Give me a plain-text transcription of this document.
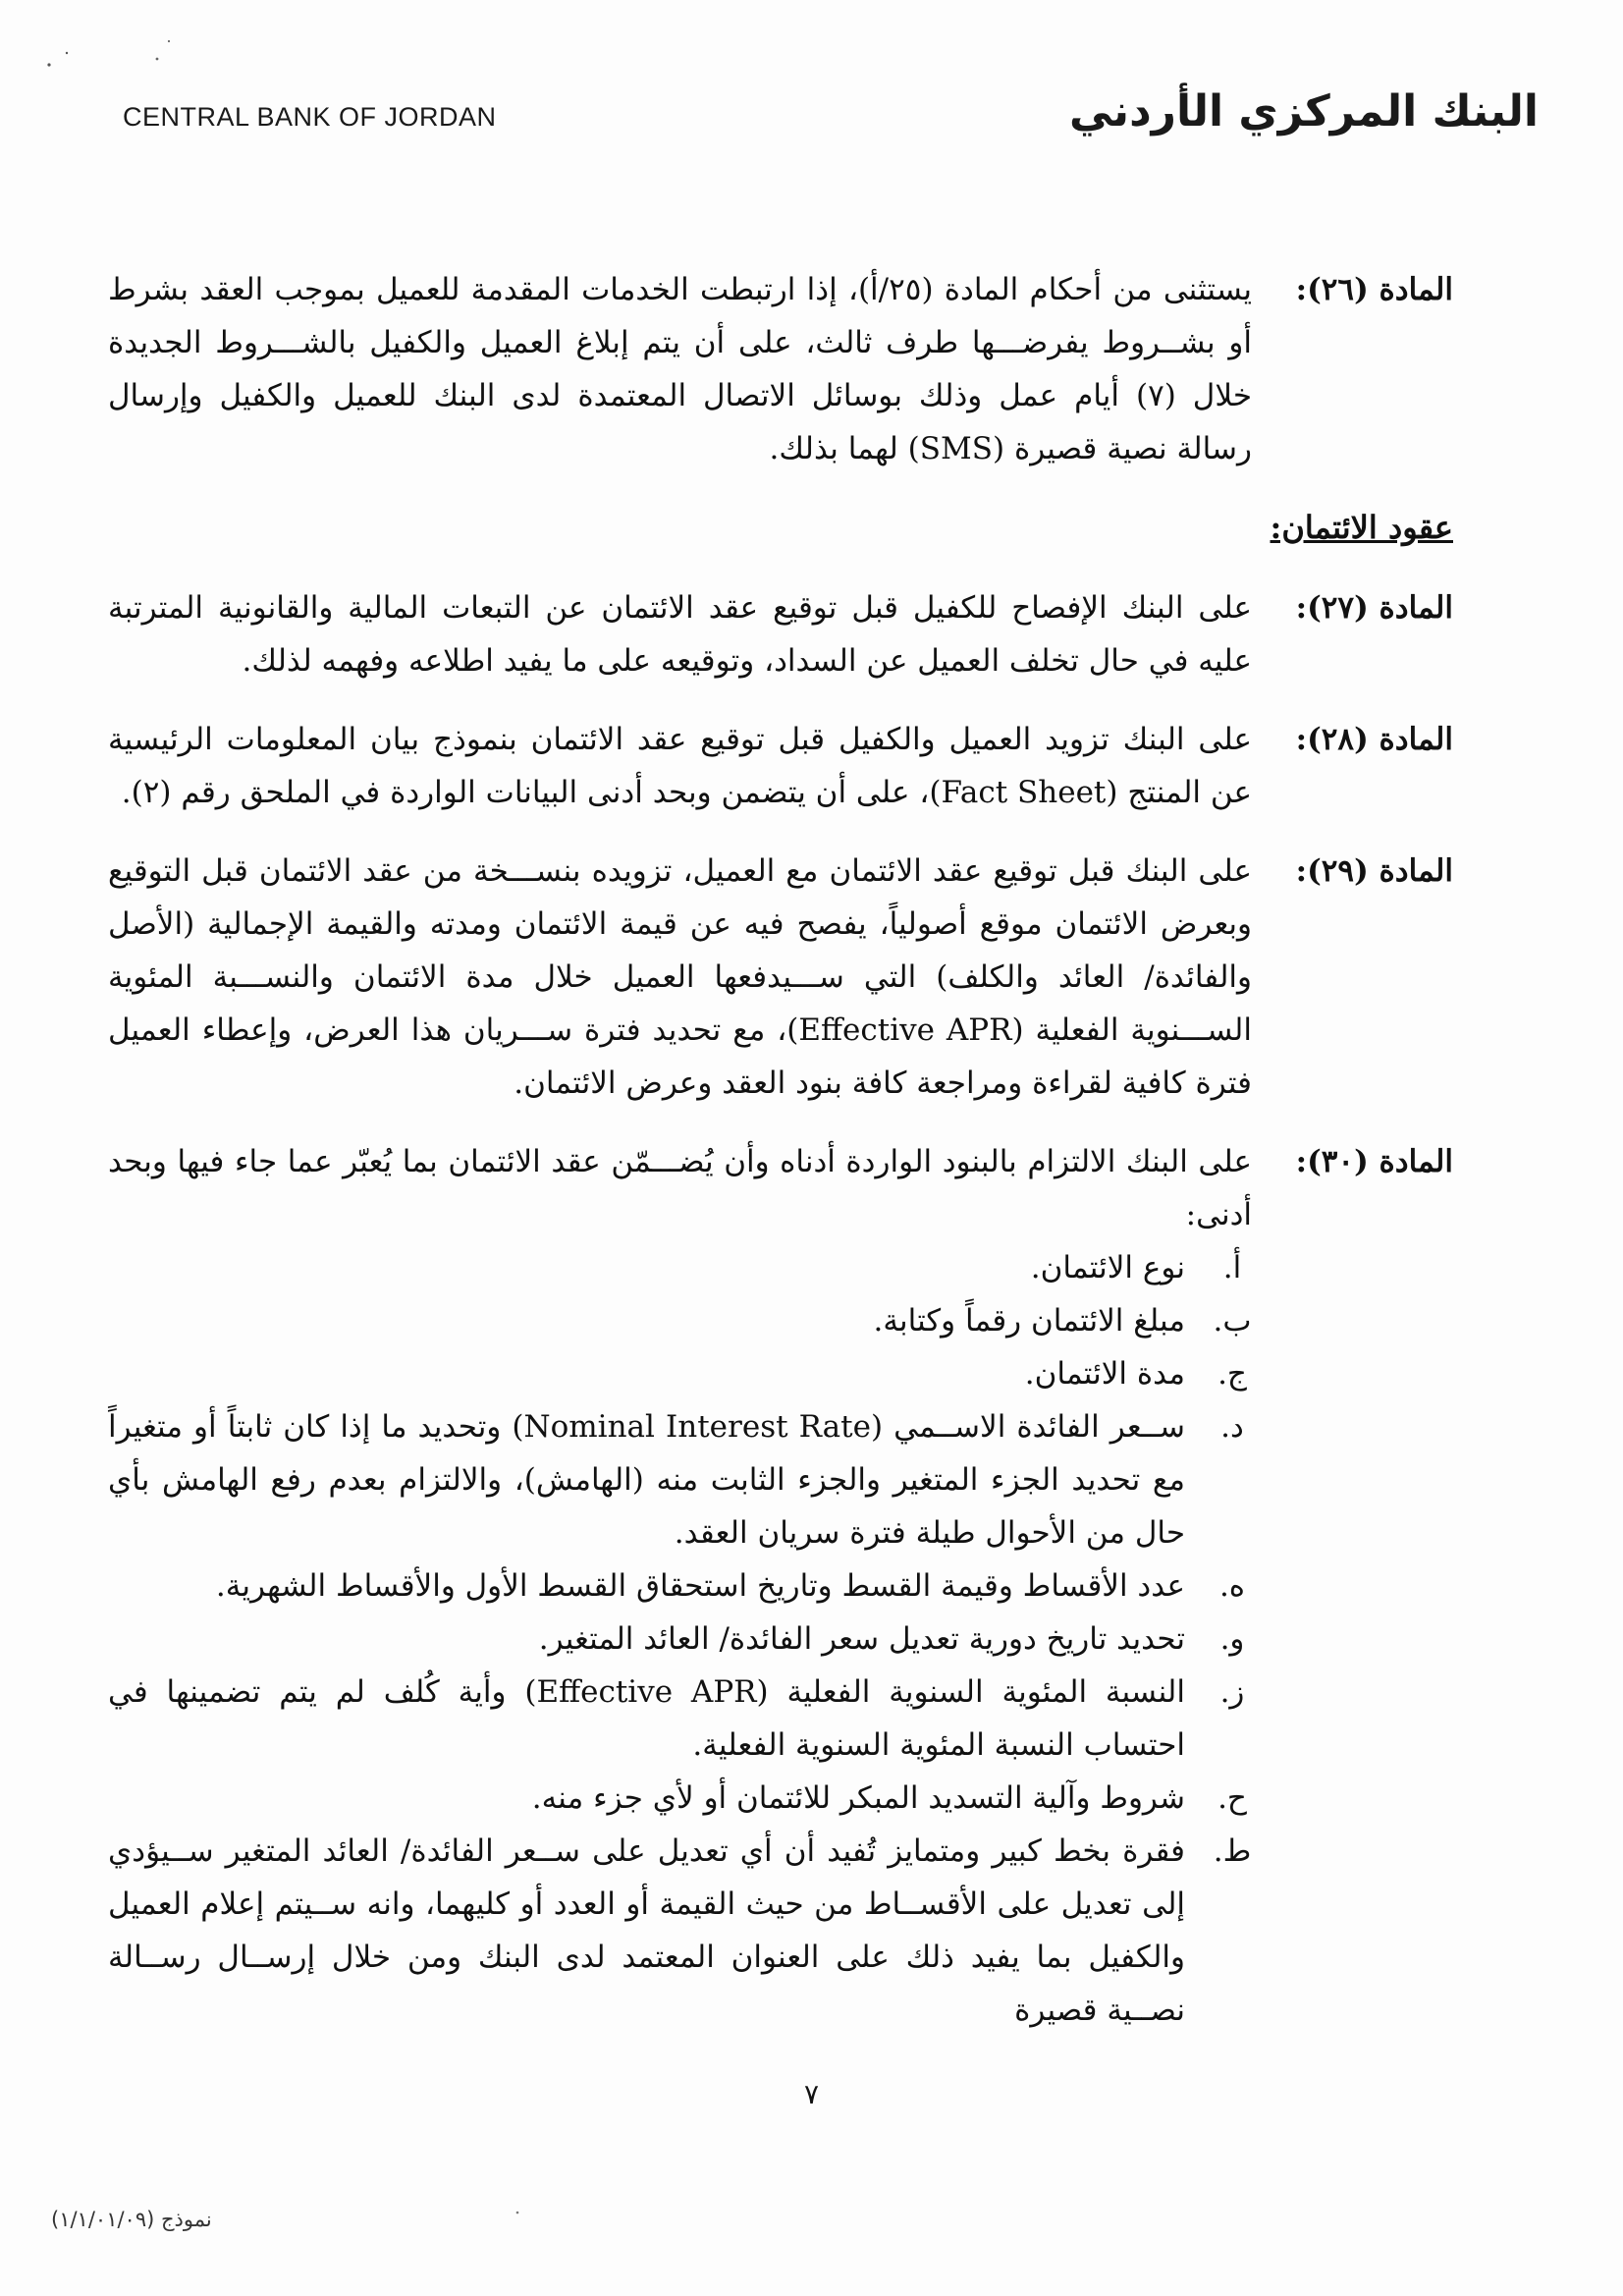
CENTRAL BANK OF JORDAN	البنك المركزي الأردني
المادة (٢٦):
يستثنى من أحكام المادة (٢٥/أ)، إذا ارتبطت الخدمات المقدمة للعميل بموجب العقد بشرط أو بشــروط يفرضـــها طرف ثالث، على أن يتم إبلاغ العميل والكفيل بالشـــروط الجديدة خلال (٧) أيام عمل وذلك بوسائل الاتصال المعتمدة لدى البنك للعميل والكفيل وإرسال رسالة نصية قصيرة (SMS) لهما بذلك.
عقود الائتمان:
المادة (٢٧):
على البنك الإفصاح للكفيل قبل توقيع عقد الائتمان عن التبعات المالية والقانونية المترتبة عليه في حال تخلف العميل عن السداد، وتوقيعه على ما يفيد اطلاعه وفهمه لذلك.
المادة (٢٨):
على البنك تزويد العميل والكفيل قبل توقيع عقد الائتمان بنموذج بيان المعلومات الرئيسية عن المنتج (Fact Sheet)، على أن يتضمن وبحد أدنى البيانات الواردة في الملحق رقم (٢).
المادة (٢٩):
على البنك قبل توقيع عقد الائتمان مع العميل، تزويده بنســـخة من عقد الائتمان قبل التوقيع وبعرض الائتمان موقع أصولياً، يفصح فيه عن قيمة الائتمان ومدته والقيمة الإجمالية (الأصل والفائدة/ العائد والكلف) التي ســـيدفعها العميل خلال مدة الائتمان والنســـبة المئوية الســـنوية الفعلية (Effective APR)، مع تحديد فترة ســـريان هذا العرض، وإعطاء العميل فترة كافية لقراءة ومراجعة كافة بنود العقد وعرض الائتمان.
المادة (٣٠):
على البنك الالتزام بالبنود الواردة أدناه وأن يُضـــمّن عقد الائتمان بما يُعبّر عما جاء فيها وبحد أدنى:
أ.
نوع الائتمان.
ب.
مبلغ الائتمان رقماً وكتابة.
ج.
مدة الائتمان.
د.
ســعر الفائدة الاســمي (Nominal Interest Rate) وتحديد ما إذا كان ثابتاً أو متغيراً مع تحديد الجزء المتغير والجزء الثابت منه (الهامش)، والالتزام بعدم رفع الهامش بأي حال من الأحوال طيلة فترة سريان العقد.
ه.
عدد الأقساط وقيمة القسط وتاريخ استحقاق القسط الأول والأقساط الشهرية.
و.
تحديد تاريخ دورية تعديل سعر الفائدة/ العائد المتغير.
ز.
النسبة المئوية السنوية الفعلية (Effective APR) وأية كُلف لم يتم تضمينها في احتساب النسبة المئوية السنوية الفعلية.
ح.
شروط وآلية التسديد المبكر للائتمان أو لأي جزء منه.
ط.
فقرة بخط كبير ومتمايز تُفيد أن أي تعديل على ســعر الفائدة/ العائد المتغير ســيؤدي إلى تعديل على الأقســاط من حيث القيمة أو العدد أو كليهما، وانه ســيتم إعلام العميل والكفيل بما يفيد ذلك على العنوان المعتمد لدى البنك ومن خلال إرســال رســالة نصــية قصيرة
٧
نموذج (١/١/٠١/٠٩)
